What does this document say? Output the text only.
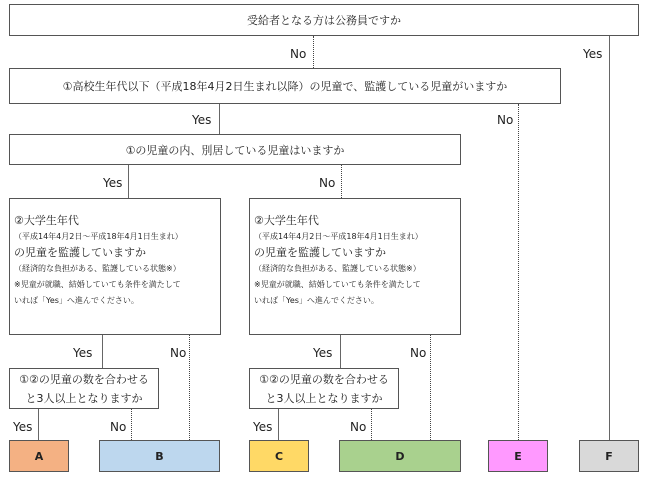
受給者となる方は公務員ですか
①高校生年代以下（平成18年4月2日生まれ以降）の児童で、監護している児童がいますか
①の児童の内、別居している児童はいますか
②大学生年代
（平成14年4月2日～平成18年4月1日生まれ）
の児童を監護していますか
（経済的な負担がある、監護している状態※）
※児童が就職、結婚していても条件を満たして
いれば「Yes」へ進んでください。
②大学生年代
（平成14年4月2日～平成18年4月1日生まれ）
の児童を監護していますか
（経済的な負担がある、監護している状態※）
※児童が就職、結婚していても条件を満たして
いれば「Yes」へ進んでください。
①②の児童の数を合わせる
と3人以上となりますか
①②の児童の数を合わせる
と3人以上となりますか
No	Yes
Yes	No
Yes	No
Yes	No	Yes	No
Yes	No	Yes	No
A	B	C	D	E	F
